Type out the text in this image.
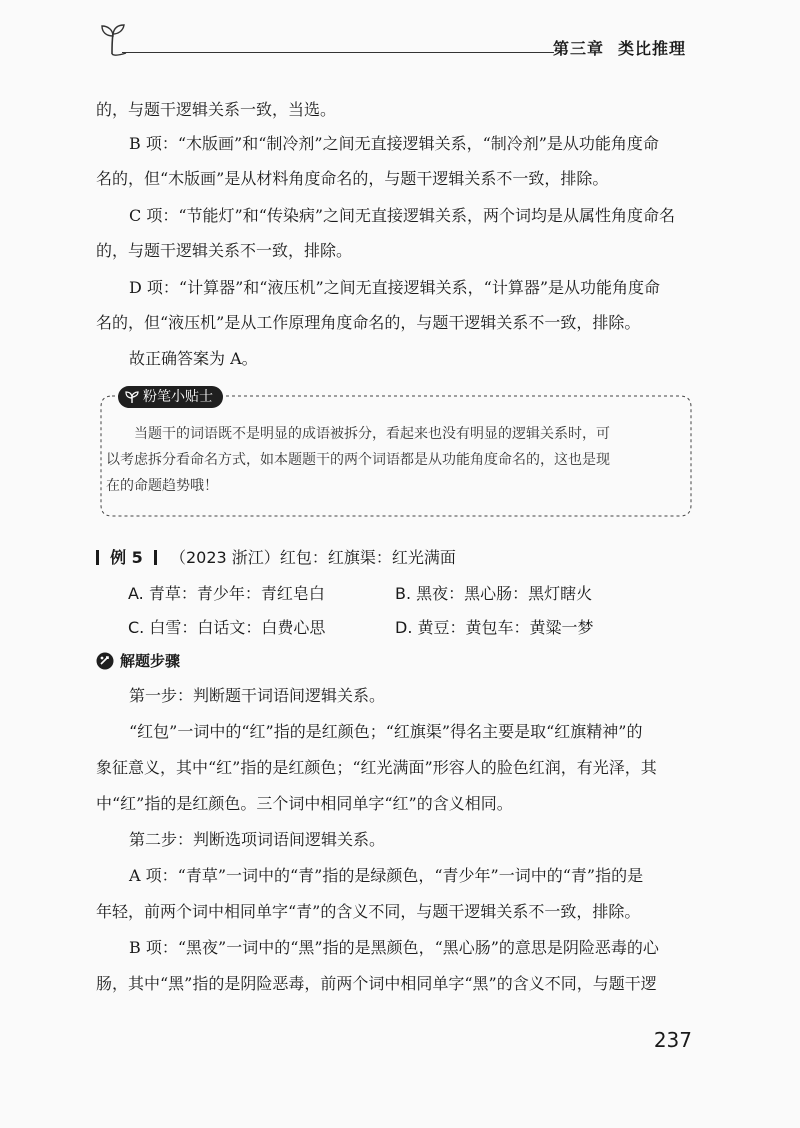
第三章 类比推理
的，与题干逻辑关系一致，当选。
B 项：“木版画”和“制冷剂”之间无直接逻辑关系，“制冷剂”是从功能角度命
名的，但“木版画”是从材料角度命名的，与题干逻辑关系不一致，排除。
C 项：“节能灯”和“传染病”之间无直接逻辑关系，两个词均是从属性角度命名
的，与题干逻辑关系不一致，排除。
D 项：“计算器”和“液压机”之间无直接逻辑关系，“计算器”是从功能角度命
名的，但“液压机”是从工作原理角度命名的，与题干逻辑关系不一致，排除。
故正确答案为 A。
粉笔小贴士
当题干的词语既不是明显的成语被拆分，看起来也没有明显的逻辑关系时，可
以考虑拆分看命名方式，如本题题干的两个词语都是从功能角度命名的，这也是现
在的命题趋势哦！
例 5 （2023 浙江）红包：红旗渠：红光满面
A. 青草：青少年：青红皂白	B. 黑夜：黑心肠：黑灯瞎火
C. 白雪：白话文：白费心思	D. 黄豆：黄包车：黄粱一梦
解题步骤
第一步：判断题干词语间逻辑关系。
“红包”一词中的“红”指的是红颜色；“红旗渠”得名主要是取“红旗精神”的
象征意义，其中“红”指的是红颜色；“红光满面”形容人的脸色红润，有光泽，其
中“红”指的是红颜色。三个词中相同单字“红”的含义相同。
第二步：判断选项词语间逻辑关系。
A 项：“青草”一词中的“青”指的是绿颜色，“青少年”一词中的“青”指的是
年轻，前两个词中相同单字“青”的含义不同，与题干逻辑关系不一致，排除。
B 项：“黑夜”一词中的“黑”指的是黑颜色，“黑心肠”的意思是阴险恶毒的心
肠，其中“黑”指的是阴险恶毒，前两个词中相同单字“黑”的含义不同，与题干逻
237
